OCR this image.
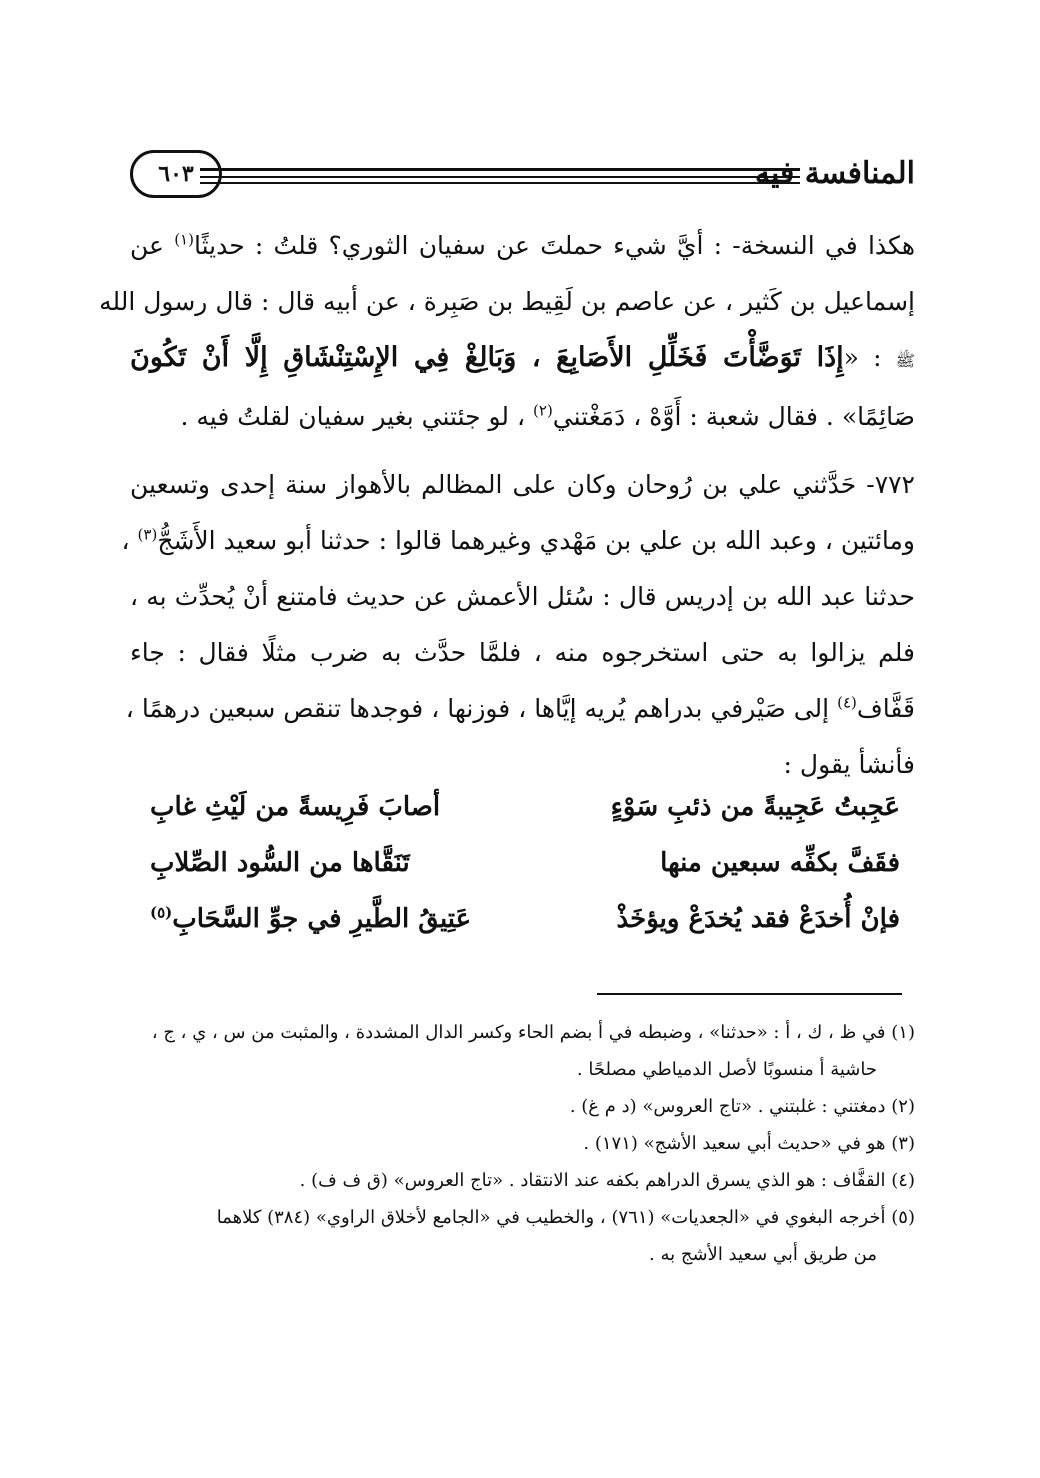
المنافسة فيه
٦٠٣
هكذا في النسخة- : أيَّ شيء حملتَ عن سفيان الثوري؟ قلتُ : حديثًا$^{(١)}$ عن
إسماعيل بن كَثير ، عن عاصم بن لَقِيط بن صَبِرة ، عن أبيه قال : قال رسول الله
ﷺ : «إِذَا تَوَضَّأْتَ فَخَلِّلِ الأَصَابِعَ ، وَبَالِغْ فِي الإِسْتِنْشَاقِ إِلَّا أَنْ تَكُونَ
صَائِمًا» . فقال شعبة : أَوَّهْ ، دَمَغْتني$^{(٢)}$ ، لو جئتني بغير سفيان لقلتُ فيه .
٧٧٢- حَدَّثني علي بن رُوحان وكان على المظالم بالأهواز سنة إحدى وتسعين
ومائتين ، وعبد الله بن علي بن مَهْدي وغيرهما قالوا : حدثنا أبو سعيد الأَشَجُّ$^{(٣)}$ ،
حدثنا عبد الله بن إدريس قال : سُئل الأعمش عن حديث فامتنع أنْ يُحدِّث به ،
فلم يزالوا به حتى استخرجوه منه ، فلمَّا حدَّث به ضرب مثلًا فقال : جاء
قَفَّاف$^{(٤)}$ إلى صَيْرفي بدراهم يُريه إيَّاها ، فوزنها ، فوجدها تنقص سبعين درهمًا ،
فأنشأ يقول :
عَجِبتُ عَجِيبةً من ذئبِ سَوْءٍ
أصابَ فَرِيسةً من لَيْثِ غابِ
فقَفَّ بكفِّه سبعين منها
تَنَقَّاها من السُّود الصِّلابِ
فإنْ أُخدَعْ فقد يُخدَعْ ويؤخَذْ
عَتِيقُ الطَّيرِ في جوِّ السَّحَابِ$^{(٥)}$
(١) في ظ ، ك ، أ : «حدثنا» ، وضبطه في أ بضم الحاء وكسر الدال المشددة ، والمثبت من س ، ي ، ج ،
حاشية أ منسوبًا لأصل الدمياطي مصلحًا .
(٢) دمغتني : غلبتني . «تاج العروس» (د م غ) .
(٣) هو في «حديث أبي سعيد الأشج» (١٧١) .
(٤) القفَّاف : هو الذي يسرق الدراهم بكفه عند الانتقاد . «تاج العروس» (ق ف ف) .
(٥) أخرجه البغوي في «الجعديات» (٧٦١) ، والخطيب في «الجامع لأخلاق الراوي» (٣٨٤) كلاهما
من طريق أبي سعيد الأشج به .
